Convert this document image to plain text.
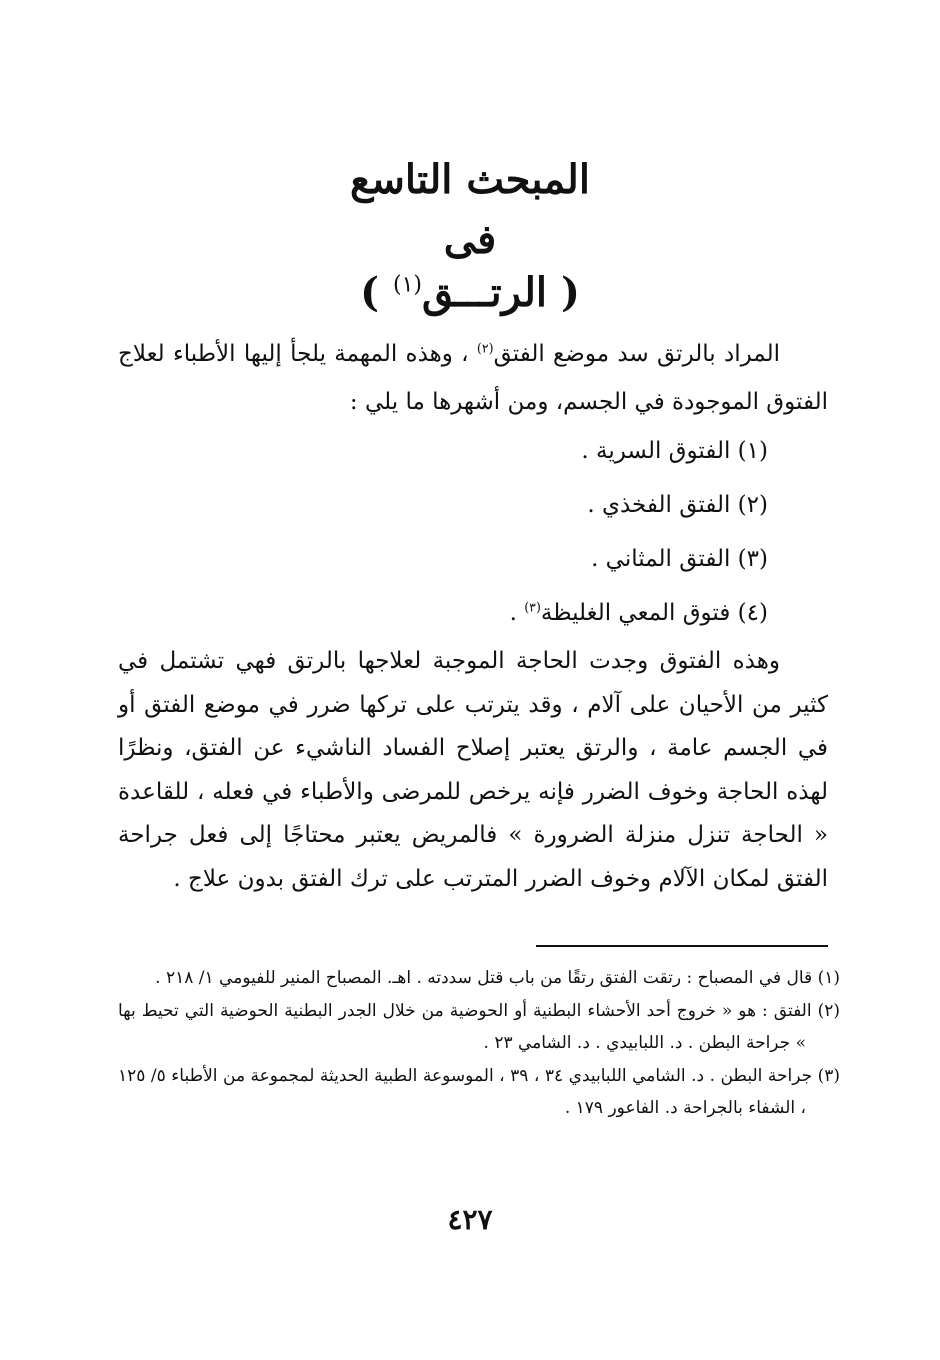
المبحث التاسع
فى
( الرتـــق$^{(١)}$ )

المراد بالرتق سد موضع الفتق$^{(٢)}$ ، وهذه المهمة يلجأ إليها الأطباء لعلاج الفتوق الموجودة في الجسم، ومن أشهرها ما يلي :

(١) الفتوق السرية .
(٢) الفتق الفخذي .
(٣) الفتق المثاني .
(٤) فتوق المعي الغليظة$^{(٣)}$ .

وهذه الفتوق وجدت الحاجة الموجبة لعلاجها بالرتق فهي تشتمل في كثير من الأحيان على آلام ، وقد يترتب على تركها ضرر في موضع الفتق أو في الجسم عامة ، والرتق يعتبر إصلاح الفساد الناشيء عن الفتق، ونظرًا لهذه الحاجة وخوف الضرر فإنه يرخص للمرضى والأطباء في فعله ، للقاعدة « الحاجة تنزل منزلة الضرورة » فالمريض يعتبر محتاجًا إلى فعل جراحة الفتق لمكان الآلام وخوف الضرر المترتب على ترك الفتق بدون علاج .

(١) قال في المصباح : رتقت الفتق رتقًا من باب قتل سددته . اهـ. المصباح المنير للفيومي ١/ ٢١٨ .

(٢) الفتق : هو « خروج أحد الأحشاء البطنية أو الحوضية من خلال الجدر البطنية الحوضية التي تحيط بها » جراحة البطن . د. اللبابيدي . د. الشامي ٢٣ .

(٣) جراحة البطن . د. الشامي اللبابيدي ٣٤ ، ٣٩ ، الموسوعة الطبية الحديثة لمجموعة من الأطباء ٥/ ١٢٥ ، الشفاء بالجراحة د. الفاعور ١٧٩ .

٤٢٧
